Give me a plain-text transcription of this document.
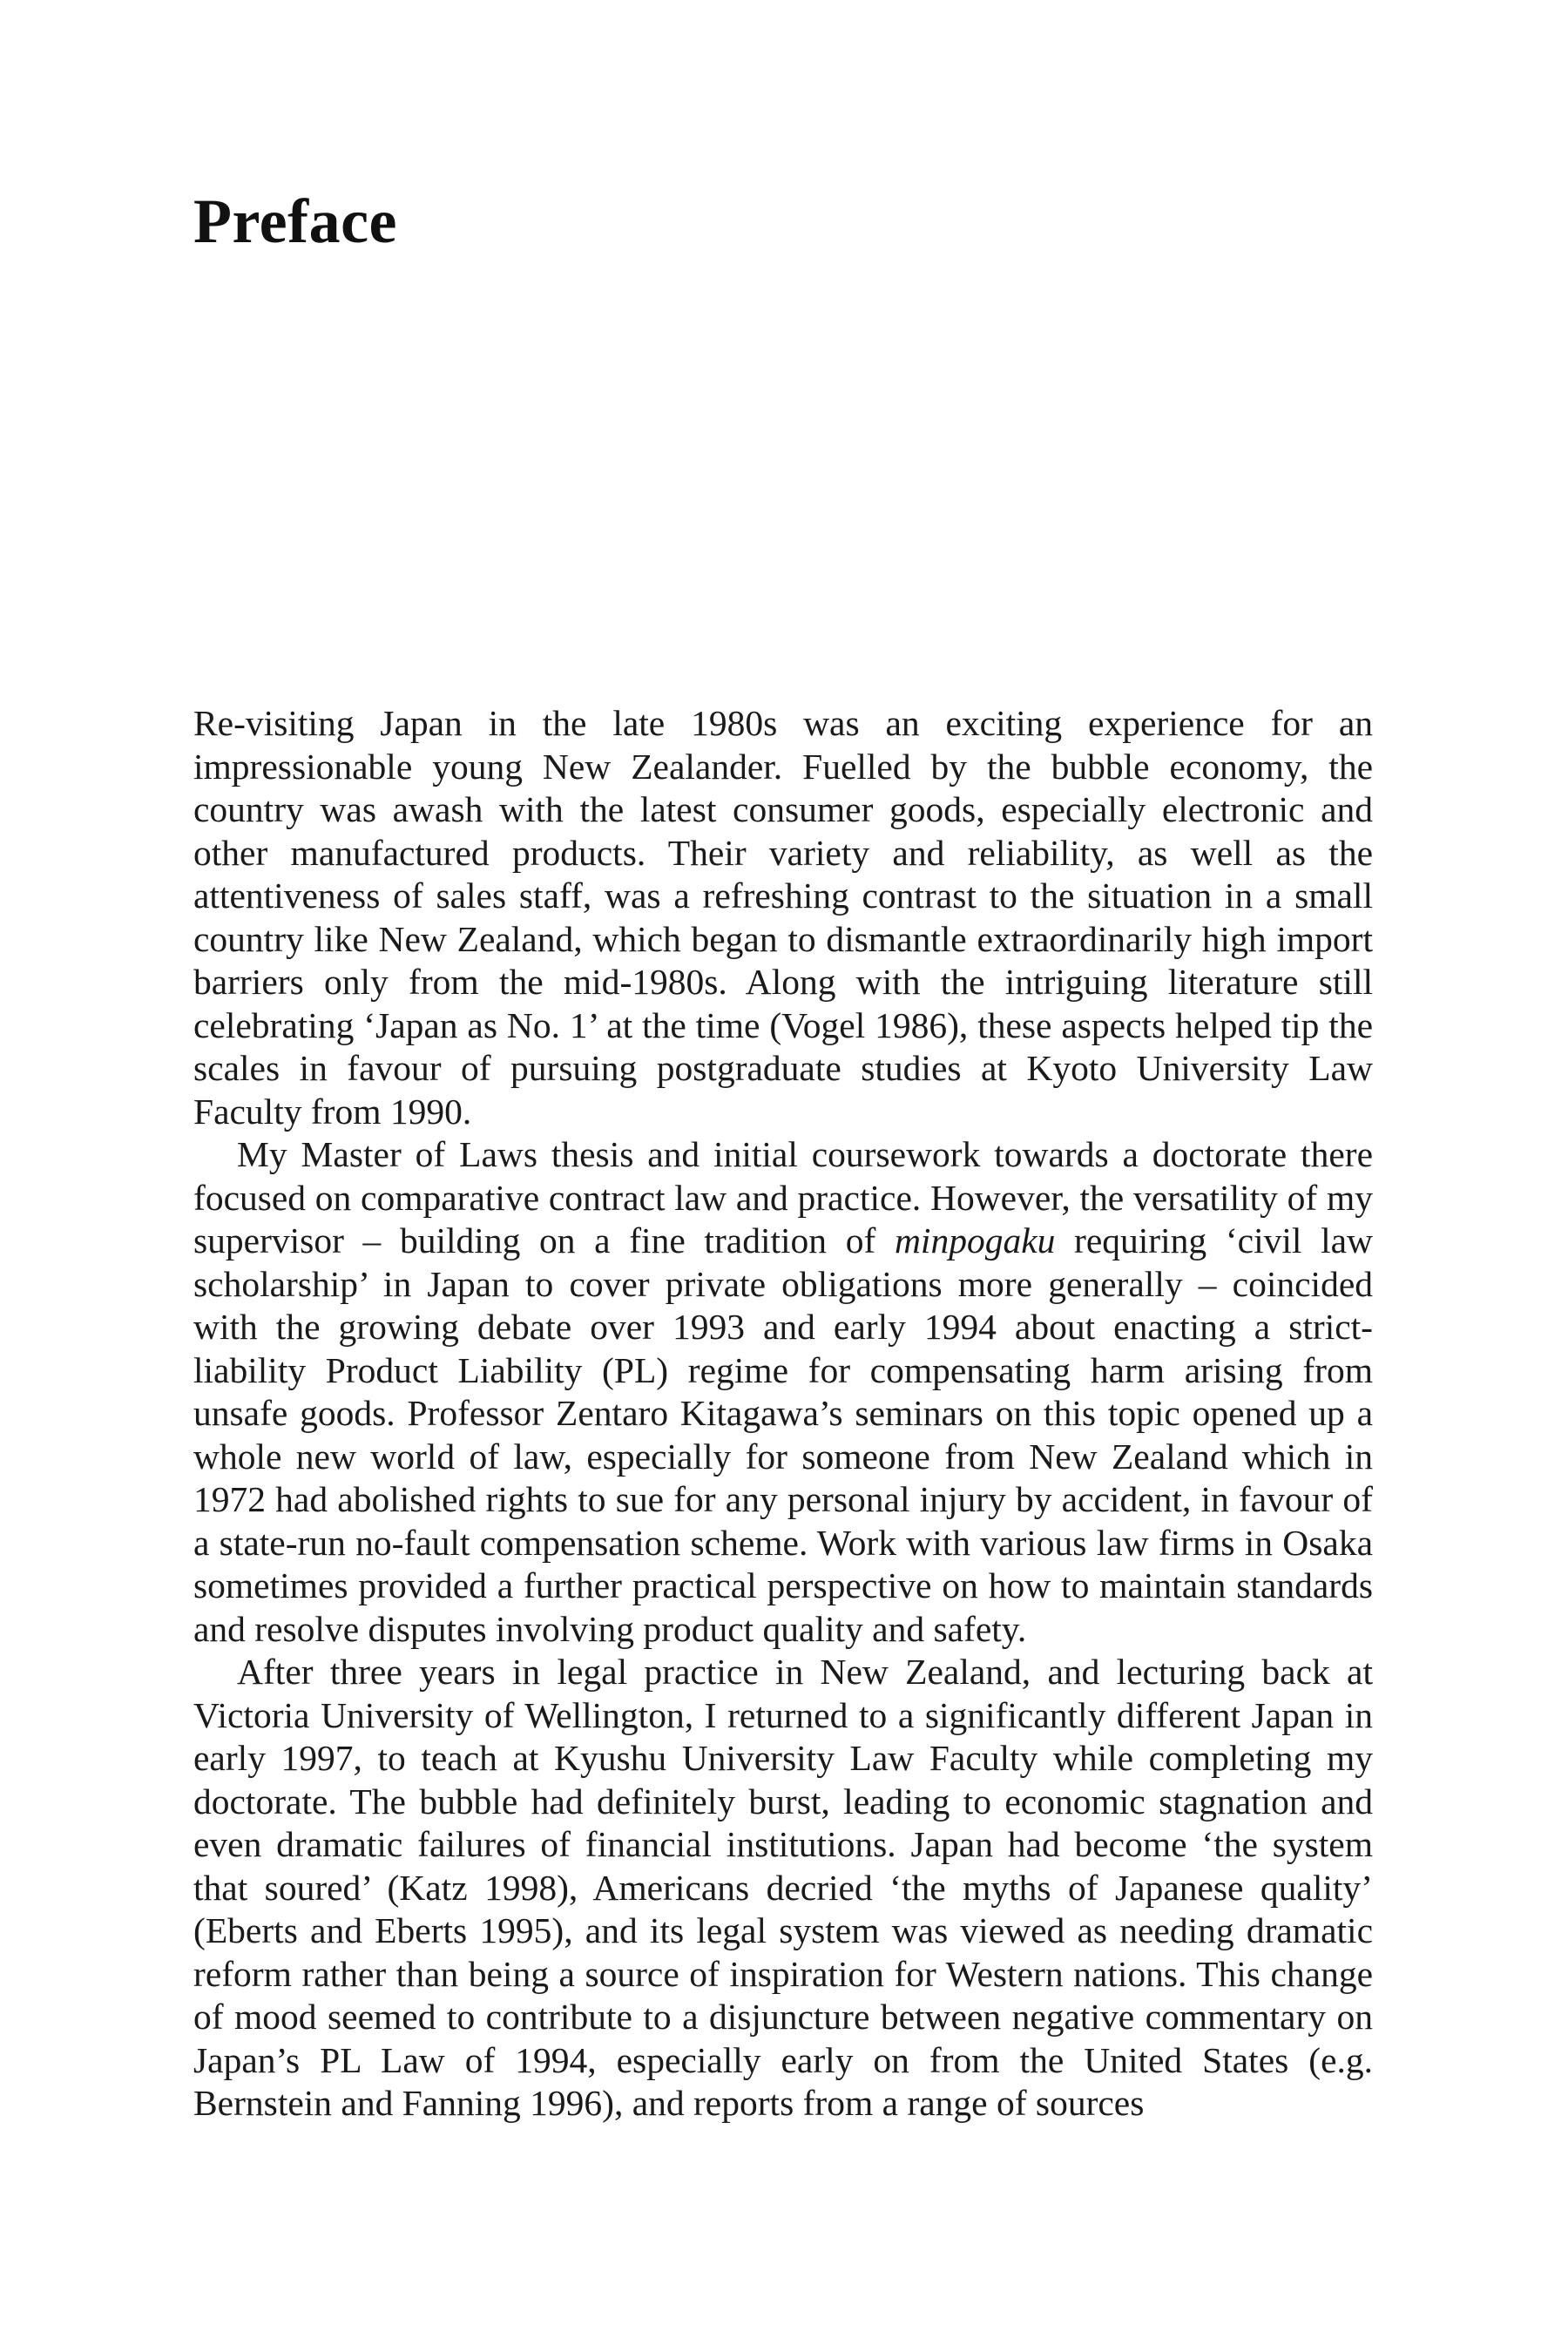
Preface

Re-visiting Japan in the late 1980s was an exciting experience for an impressionable young New Zealander. Fuelled by the bubble economy, the country was awash with the latest consumer goods, especially electronic and other manufactured products. Their variety and reliability, as well as the attentiveness of sales staff, was a refreshing contrast to the situation in a small country like New Zealand, which began to dismantle extraordinarily high import barriers only from the mid-1980s. Along with the intriguing literature still celebrating ‘Japan as No. 1’ at the time (Vogel 1986), these aspects helped tip the scales in favour of pursuing postgraduate studies at Kyoto University Law Faculty from 1990.

My Master of Laws thesis and initial coursework towards a doctorate there focused on comparative contract law and practice. However, the versatility of my supervisor – building on a fine tradition of minpogaku requiring ‘civil law scholarship’ in Japan to cover private obligations more generally – coincided with the growing debate over 1993 and early 1994 about enacting a strict-liability Product Liability (PL) regime for compensating harm arising from unsafe goods. Professor Zentaro Kitagawa’s seminars on this topic opened up a whole new world of law, especially for someone from New Zealand which in 1972 had abolished rights to sue for any personal injury by accident, in favour of a state-run no-fault compensation scheme. Work with various law firms in Osaka sometimes provided a further practical perspective on how to maintain standards and resolve disputes involving product quality and safety.

After three years in legal practice in New Zealand, and lecturing back at Victoria University of Wellington, I returned to a significantly different Japan in early 1997, to teach at Kyushu University Law Faculty while completing my doctorate. The bubble had definitely burst, leading to economic stagnation and even dramatic failures of financial institutions. Japan had become ‘the system that soured’ (Katz 1998), Americans decried ‘the myths of Japanese quality’ (Eberts and Eberts 1995), and its legal system was viewed as needing dramatic reform rather than being a source of inspiration for Western nations. This change of mood seemed to contribute to a disjuncture between negative commentary on Japan’s PL Law of 1994, especially early on from the United States (e.g. Bernstein and Fanning 1996), and reports from a range of sources
